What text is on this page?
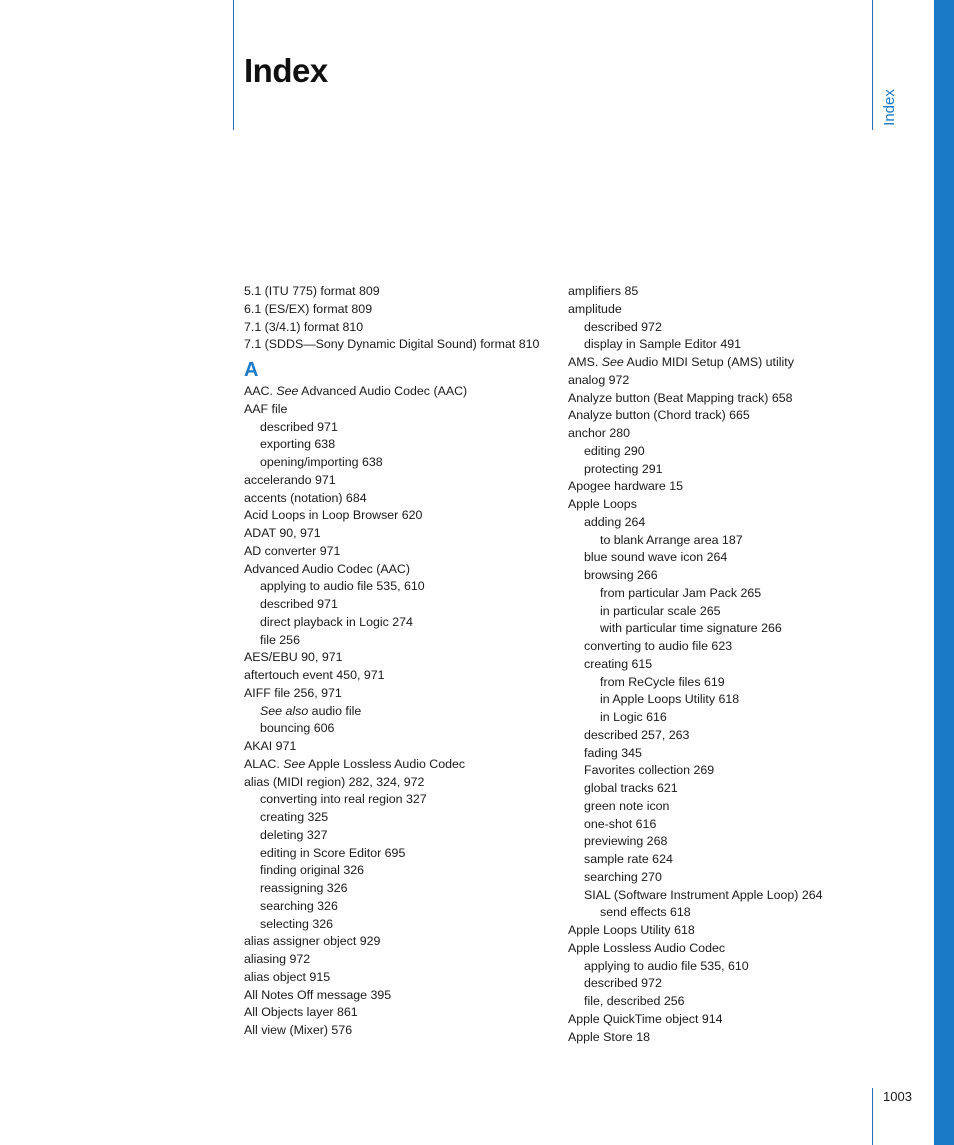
Index
Index
5.1 (ITU 775) format 809
6.1 (ES/EX) format 809
7.1 (3/4.1) format 810
7.1 (SDDS—Sony Dynamic Digital Sound) format 810
A
AAC. See Advanced Audio Codec (AAC)
AAF file
described 971
exporting 638
opening/importing 638
accelerando 971
accents (notation) 684
Acid Loops in Loop Browser 620
ADAT 90, 971
AD converter 971
Advanced Audio Codec (AAC)
applying to audio file 535, 610
described 971
direct playback in Logic 274
file 256
AES/EBU 90, 971
aftertouch event 450, 971
AIFF file 256, 971
See also audio file
bouncing 606
AKAI 971
ALAC. See Apple Lossless Audio Codec
alias (MIDI region) 282, 324, 972
converting into real region 327
creating 325
deleting 327
editing in Score Editor 695
finding original 326
reassigning 326
searching 326
selecting 326
alias assigner object 929
aliasing 972
alias object 915
All Notes Off message 395
All Objects layer 861
All view (Mixer) 576
amplifiers 85
amplitude
described 972
display in Sample Editor 491
AMS. See Audio MIDI Setup (AMS) utility
analog 972
Analyze button (Beat Mapping track) 658
Analyze button (Chord track) 665
anchor 280
editing 290
protecting 291
Apogee hardware 15
Apple Loops
adding 264
to blank Arrange area 187
blue sound wave icon 264
browsing 266
from particular Jam Pack 265
in particular scale 265
with particular time signature 266
converting to audio file 623
creating 615
from ReCycle files 619
in Apple Loops Utility 618
in Logic 616
described 257, 263
fading 345
Favorites collection 269
global tracks 621
green note icon
one-shot 616
previewing 268
sample rate 624
searching 270
SIAL (Software Instrument Apple Loop) 264
send effects 618
Apple Loops Utility 618
Apple Lossless Audio Codec
applying to audio file 535, 610
described 972
file, described 256
Apple QuickTime object 914
Apple Store 18
1003
